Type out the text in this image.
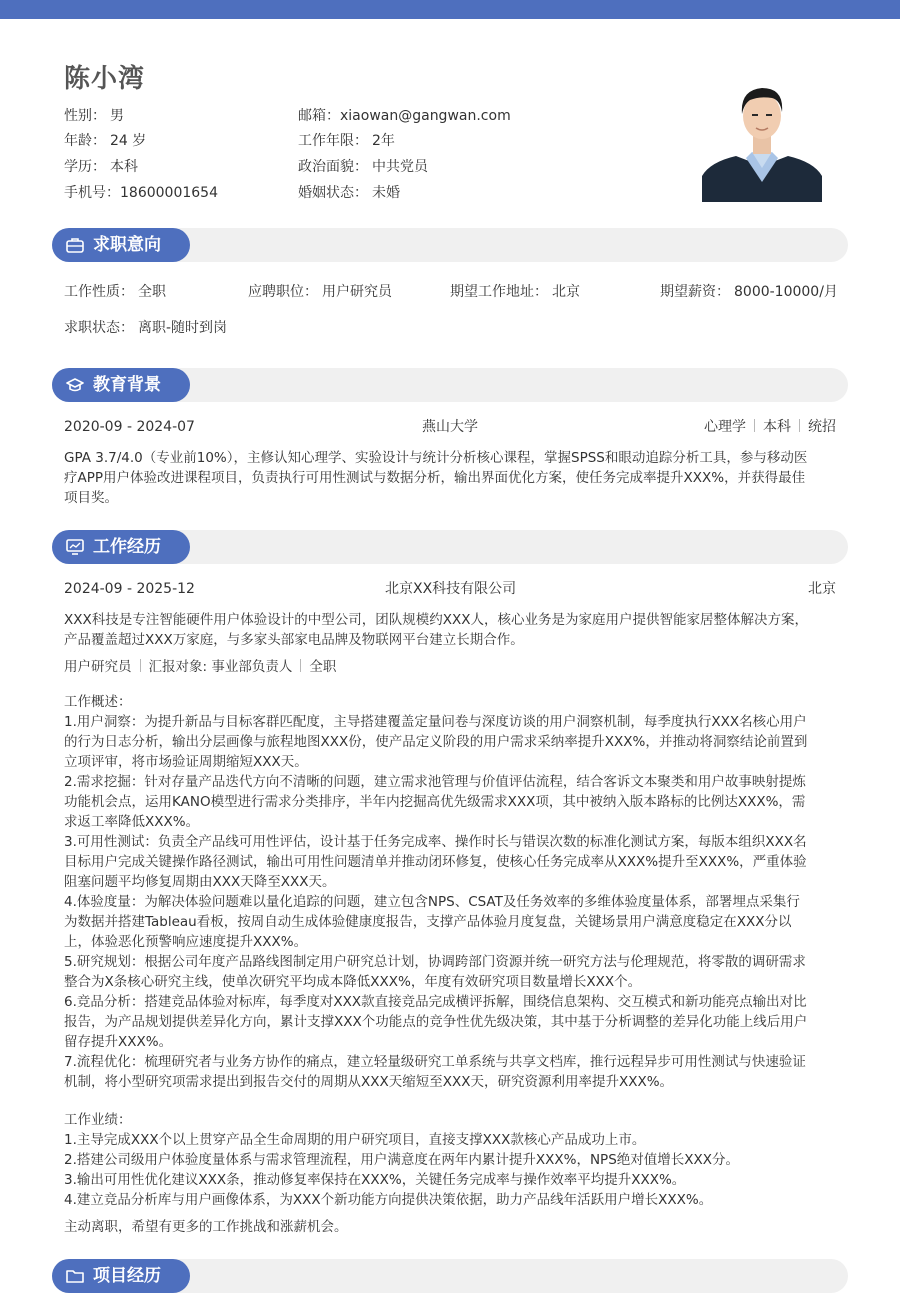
陈小湾
性别： 男	邮箱：xiaowan@gangwan.com
年龄： 24 岁	工作年限： 2年
学历： 本科	政治面貌： 中共党员
手机号：18600001654	婚姻状态： 未婚
求职意向
工作性质： 全职	应聘职位： 用户研究员	期望工作地址： 北京	期望薪资： 8000-10000/月
求职状态： 离职-随时到岗
教育背景
2020-09 - 2024-07	燕山大学	心理学 本科 统招
GPA 3.7/4.0（专业前10%），主修认知心理学、实验设计与统计分析核心课程，掌握SPSS和眼动追踪分析工具，参与移动医
疗APP用户体验改进课程项目，负责执行可用性测试与数据分析，输出界面优化方案，使任务完成率提升XXX%，并获得最佳
项目奖。
工作经历
2024-09 - 2025-12	北京XX科技有限公司	北京
XXX科技是专注智能硬件用户体验设计的中型公司，团队规模约XXX人，核心业务是为家庭用户提供智能家居整体解决方案，
产品覆盖超过XXX万家庭，与多家头部家电品牌及物联网平台建立长期合作。
用户研究员 汇报对象: 事业部负责人 全职
工作概述：
1.用户洞察：为提升新品与目标客群匹配度，主导搭建覆盖定量问卷与深度访谈的用户洞察机制，每季度执行XXX名核心用户
的行为日志分析，输出分层画像与旅程地图XXX份，使产品定义阶段的用户需求采纳率提升XXX%，并推动将洞察结论前置到
立项评审，将市场验证周期缩短XXX天。
2.需求挖掘：针对存量产品迭代方向不清晰的问题，建立需求池管理与价值评估流程，结合客诉文本聚类和用户故事映射提炼
功能机会点，运用KANO模型进行需求分类排序，半年内挖掘高优先级需求XXX项，其中被纳入版本路标的比例达XXX%，需
求返工率降低XXX%。
3.可用性测试：负责全产品线可用性评估，设计基于任务完成率、操作时长与错误次数的标准化测试方案，每版本组织XXX名
目标用户完成关键操作路径测试，输出可用性问题清单并推动闭环修复，使核心任务完成率从XXX%提升至XXX%，严重体验
阻塞问题平均修复周期由XXX天降至XXX天。
4.体验度量：为解决体验问题难以量化追踪的问题，建立包含NPS、CSAT及任务效率的多维体验度量体系，部署埋点采集行
为数据并搭建Tableau看板，按周自动生成体验健康度报告，支撑产品体验月度复盘，关键场景用户满意度稳定在XXX分以
上，体验恶化预警响应速度提升XXX%。
5.研究规划：根据公司年度产品路线图制定用户研究总计划，协调跨部门资源并统一研究方法与伦理规范，将零散的调研需求
整合为X条核心研究主线，使单次研究平均成本降低XXX%，年度有效研究项目数量增长XXX个。
6.竞品分析：搭建竞品体验对标库，每季度对XXX款直接竞品完成横评拆解，围绕信息架构、交互模式和新功能亮点输出对比
报告，为产品规划提供差异化方向，累计支撑XXX个功能点的竞争性优先级决策，其中基于分析调整的差异化功能上线后用户
留存提升XXX%。
7.流程优化：梳理研究者与业务方协作的痛点，建立轻量级研究工单系统与共享文档库，推行远程异步可用性测试与快速验证
机制，将小型研究项需求提出到报告交付的周期从XXX天缩短至XXX天，研究资源利用率提升XXX%。
工作业绩：
1.主导完成XXX个以上贯穿产品全生命周期的用户研究项目，直接支撑XXX款核心产品成功上市。
2.搭建公司级用户体验度量体系与需求管理流程，用户满意度在两年内累计提升XXX%，NPS绝对值增长XXX分。
3.输出可用性优化建议XXX条，推动修复率保持在XXX%，关键任务完成率与操作效率平均提升XXX%。
4.建立竞品分析库与用户画像体系，为XXX个新功能方向提供决策依据，助力产品线年活跃用户增长XXX%。
主动离职，希望有更多的工作挑战和涨薪机会。
项目经历
